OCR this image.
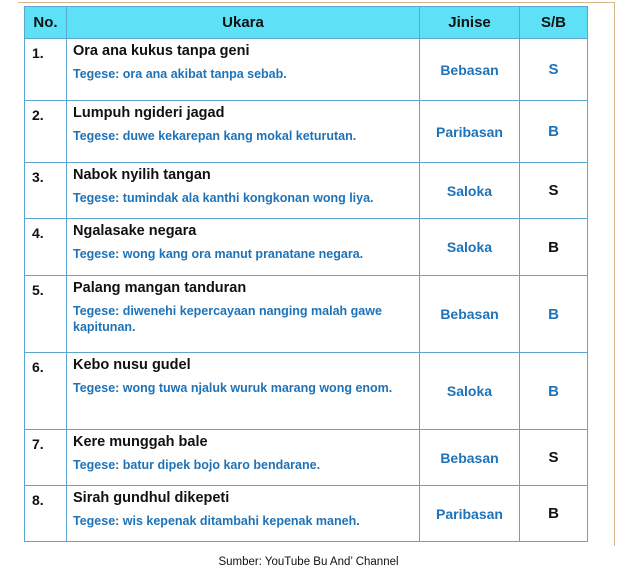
No.	Ukara	Jinise	S/B
1.	Ora ana kukus tanpa geni
Tegese: ora ana akibat tanpa sebab.	Bebasan	S
2.	Lumpuh ngideri jagad
Tegese: duwe kekarepan kang mokal keturutan.	Paribasan	B
3.	Nabok nyilih tangan
Tegese: tumindak ala kanthi kongkonan wong liya.	Saloka	S
4.	Ngalasake negara
Tegese: wong kang ora manut pranatane negara.	Saloka	B
5.	Palang mangan tanduran
Tegese: diwenehi kepercayaan nanging malah gawe kapitunan.	Bebasan	B
6.	Kebo nusu gudel
Tegese: wong tuwa njaluk wuruk marang wong enom.	Saloka	B
7.	Kere munggah bale
Tegese: batur dipek bojo karo bendarane.	Bebasan	S
8.	Sirah gundhul dikepeti
Tegese: wis kepenak ditambahi kepenak maneh.	Paribasan	B
Sumber: YouTube Bu And’ Channel
